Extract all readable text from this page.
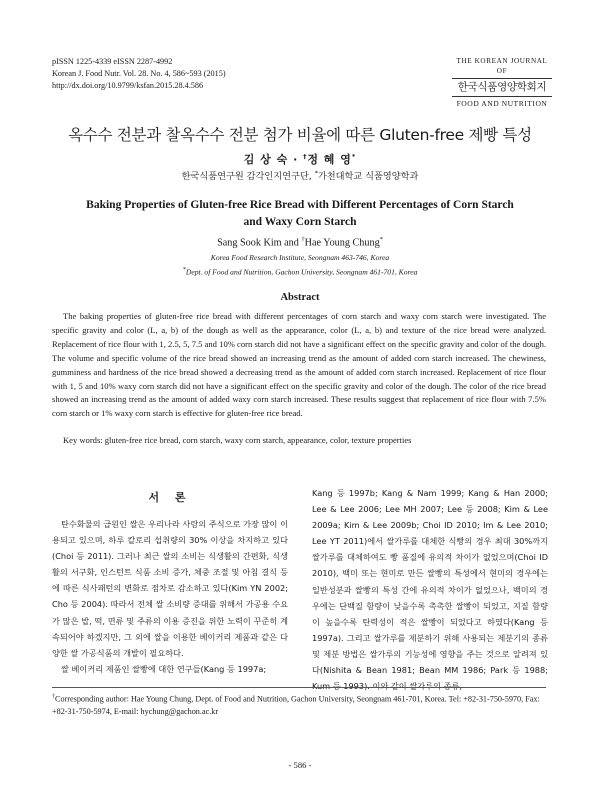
pISSN 1225-4339 eISSN 2287-4992
Korean J. Food Nutr. Vol. 28. No. 4, 586~593 (2015)
http://dx.doi.org/10.9799/ksfan.2015.28.4.586
THE KOREAN JOURNAL OF
한국식품영양학회지
FOOD AND NUTRITION
옥수수 전분과 찰옥수수 전분 첨가 비율에 따른 Gluten-free 제빵 특성
김 상 숙 · †정 혜 영*
한국식품연구원 감각인지연구단, *가천대학교 식품영양학과
Baking Properties of Gluten-free Rice Bread with Different Percentages of Corn Starch and Waxy Corn Starch
Sang Sook Kim and †Hae Young Chung*
Korea Food Research Institute, Seongnam 463-746, Korea
*Dept. of Food and Nutrition, Gachon University, Seongnam 461-701, Korea
Abstract
The baking properties of gluten-free rice bread with different percentages of corn starch and waxy corn starch were investigated. The specific gravity and color (L, a, b) of the dough as well as the appearance, color (L, a, b) and texture of the rice bread were analyzed. Replacement of rice flour with 1, 2.5, 5, 7.5 and 10% corn starch did not have a significant effect on the specific gravity and color of the dough. The volume and specific volume of the rice bread showed an increasing trend as the amount of added corn starch increased. The chewiness, gumminess and hardness of the rice bread showed a decreasing trend as the amount of added corn starch increased. Replacement of rice flour with 1, 5 and 10% waxy corn starch did not have a significant effect on the specific gravity and color of the dough. The color of the rice bread showed an increasing trend as the amount of added waxy corn starch increased. These results suggest that replacement of rice flour with 7.5% corn starch or 1% waxy corn starch is effective for gluten-free rice bread.
Key words: gluten-free rice bread, corn starch, waxy corn starch, appearance, color, texture properties
서 론

탄수화물의 급원인 쌀은 우리나라 사람의 주식으로 가장 많이 이용되고 있으며, 하루 칼로리 섭취량의 30% 이상을 차지하고 있다(Choi 등 2011). 그러나 최근 쌀의 소비는 식생활의 간편화, 식생활의 서구화, 인스턴트 식품 소비 증가, 체중 조절 및 아침 결식 등에 따른 식사패턴의 변화로 점차로 감소하고 있다(Kim YN 2002; Cho 등 2004). 따라서 전체 쌀 소비량 증대를 위해서 가공용 수요가 많은 밥, 떡, 면류 및 주류의 이용 증진을 위한 노력이 꾸준히 계속되어야 하겠지만, 그 외에 쌀을 이용한 베이커리 제품과 같은 다양한 쌀 가공식품의 개발이 필요하다.

쌀 베이커리 제품인 쌀빵에 대한 연구들(Kang 등 1997a;

Kang 등 1997b; Kang & Nam 1999; Kang & Han 2000; Lee & Lee 2006; Lee MH 2007; Lee 등 2008; Kim & Lee 2009a; Kim & Lee 2009b; Choi ID 2010; Im & Lee 2010; Lee YT 2011)에서 쌀가루를 대체한 식빵의 경우 최대 30%까지 쌀가루를 대체하여도 빵 품질에 유의적 차이가 없었으며(Choi ID 2010), 백미 또는 현미로 만든 쌀빵의 특성에서 현미의 경우에는 일반성분과 쌀빵의 특성 간에 유의적 차이가 없었으나, 백미의 경우에는 단백질 함량이 낮을수록 촉촉한 쌀빵이 되었고, 지질 함량이 높을수록 탄력성이 적은 쌀빵이 되었다고 하였다(Kang 등 1997a). 그리고 쌀가루를 제분하기 위해 사용되는 제분기의 종류 및 제분 방법은 쌀가루의 기능성에 영향을 주는 것으로 알려져 있다(Nishita & Bean 1981; Bean MM 1986; Park 등 1988;

†Corresponding author: Hae Young Chung, Dept. of Food and Nutrition, Gachon University, Seongnam 461-701, Korea. Tel: +82-31-750-5970, Fax: +82-31-750-5974, E-mail: hychung@gachon.ac.kr
- 586 -
